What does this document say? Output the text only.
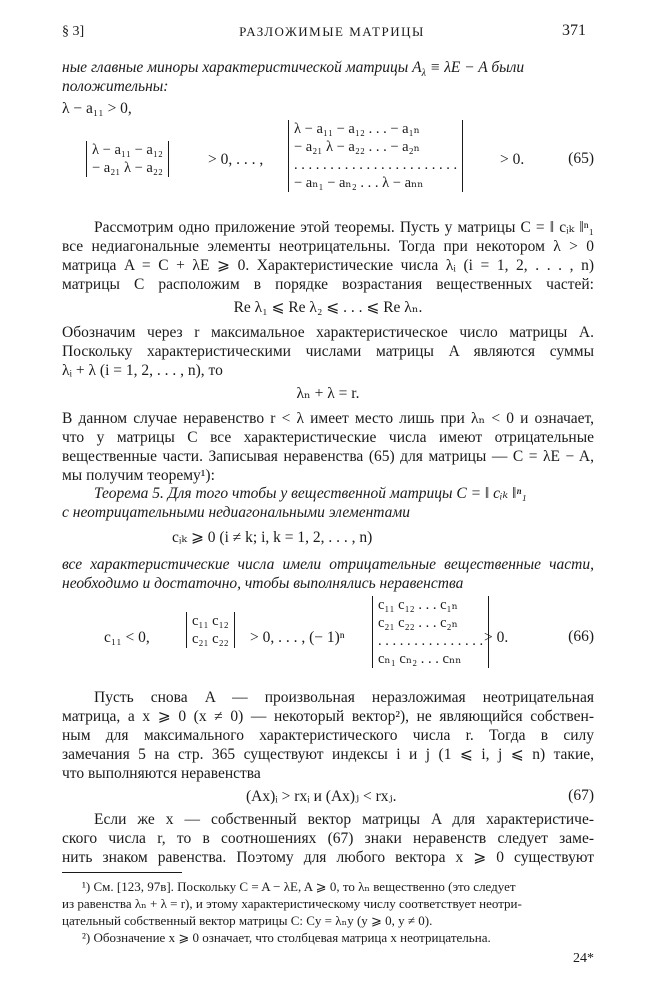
§ 3]	РАЗЛОЖИМЫЕ МАТРИЦЫ	371
ные главные миноры характеристической матрицы $A_\lambda \equiv \lambda E - A$ были
положительны:
λ − a₁₁ > 0,
λ − a₁₁ − a₁₂
− a₂₁ λ − a₂₂	> 0, . . . ,
λ − a₁₁ − a₁₂ . . . − a₁ₙ
− a₂₁ λ − a₂₂ . . . − a₂ₙ
. . . . . . . . . . . . . . . . . . . . . . .
− aₙ₁ − aₙ₂ . . . λ − aₙₙ
> 0.	(65)
Рассмотрим одно приложение этой теоремы. Пусть у матрицы C = ‖ cᵢₖ ‖ⁿ₁
все недиагональные элементы неотрицательны. Тогда при некотором λ > 0
матрица A = C + λE ⩾ 0. Характеристические числа λᵢ (i = 1, 2, . . . , n)
матрицы C расположим в порядке возрастания вещественных частей:
Re λ₁ ⩽ Re λ₂ ⩽ . . . ⩽ Re λₙ.
Обозначим через r максимальное характеристическое число матрицы A.
Поскольку характеристическими числами матрицы A являются суммы
λᵢ + λ (i = 1, 2, . . . , n), то
λₙ + λ = r.
В данном случае неравенство r < λ имеет место лишь при λₙ < 0 и означает,
что у матрицы C все характеристические числа имеют отрицательные
вещественные части. Записывая неравенства (65) для матрицы — C = λE − A,
мы получим теорему¹):
Теорема 5. Для того чтобы у вещественной матрицы C = ‖ cᵢₖ ‖ⁿ₁
с неотрицательными недиагональными элементами
cᵢₖ ⩾ 0 (i ≠ k; i, k = 1, 2, . . . , n)
все характеристические числа имели отрицательные вещественные части,
необходимо и достаточно, чтобы выполнялись неравенства
c₁₁ < 0,
c₁₁ c₁₂
c₂₁ c₂₂ > 0, . . . , (− 1)ⁿ
c₁₁ c₁₂ . . . c₁ₙ
c₂₁ c₂₂ . . . c₂ₙ
. . . . . . . . . . . . . . .
cₙ₁ cₙ₂ . . . cₙₙ
> 0.	(66)
Пусть снова A — произвольная неразложимая неотрицательная
матрица, а x ⩾ 0 (x ≠ 0) — некоторый вектор²), не являющийся собствен-
ным для максимального характеристического числа r. Тогда в силу
замечания 5 на стр. 365 существуют индексы i и j (1 ⩽ i, j ⩽ n) такие,
что выполняются неравенства
(Ax)ᵢ > rxᵢ и (Ax)ⱼ < rxⱼ.	(67)
Если же x — собственный вектор матрицы A для характеристиче-
ского числа r, то в соотношениях (67) знаки неравенств следует заме-
нить знаком равенства. Поэтому для любого вектора x ⩾ 0 существуют
¹) См. [123, 97в]. Поскольку C = A − λE, A ⩾ 0, то λₙ вещественно (это следует
из равенства λₙ + λ = r), и этому характеристическому числу соответствует неотри-
цательный собственный вектор матрицы C: Cy = λₙy (y ⩾ 0, y ≠ 0).
²) Обозначение x ⩾ 0 означает, что столбцевая матрица x неотрицательна.
24*
